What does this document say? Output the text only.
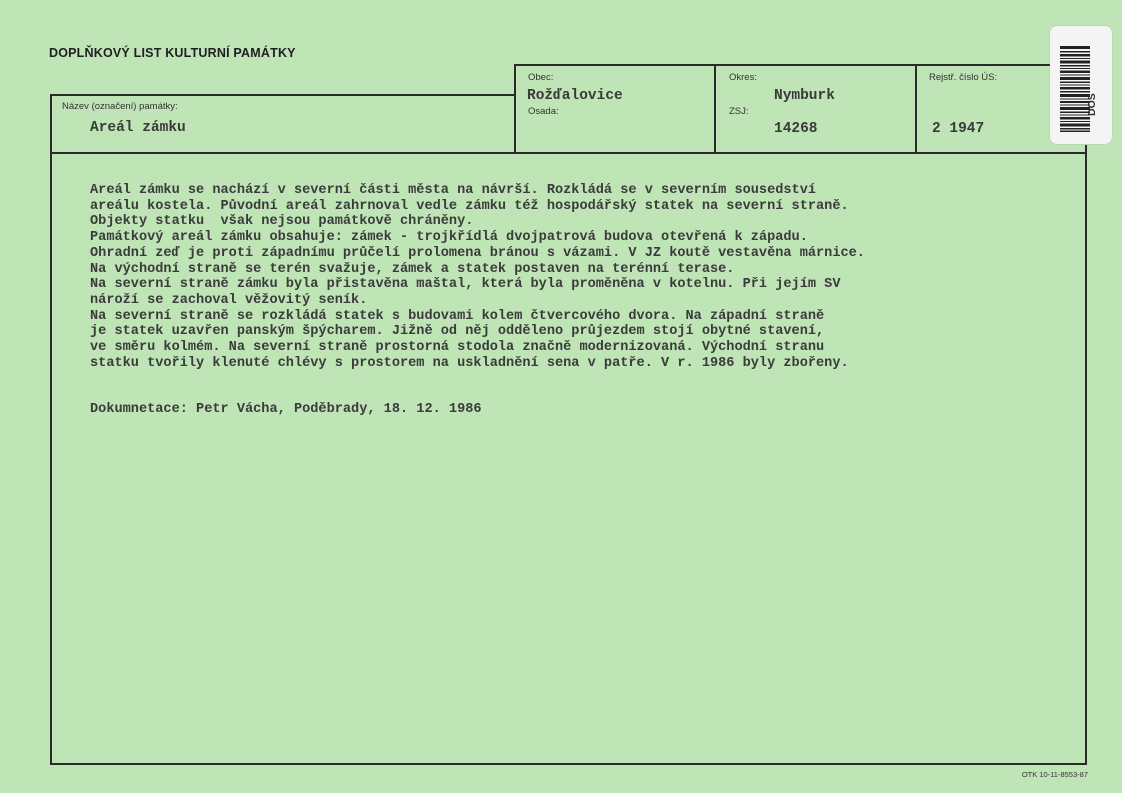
DOPLŇKOVÝ LIST KULTURNÍ PAMÁTKY
Název (označení) památky:
Areál zámku
Obec:
Rožďalovice
Osada:
Okres:
Nymburk
ZSJ:
14268
Rejstř. číslo ÚS:
2 1947
Areál zámku se nachází v severní části města na návrší. Rozkládá se v severním sousedství
areálu kostela. Původní areál zahrnoval vedle zámku též hospodářský statek na severní straně.
Objekty statku  však nejsou památkově chráněny.
Památkový areál zámku obsahuje: zámek - trojkřídlá dvojpatrová budova otevřená k západu.
Ohradní zeď je proti západnímu průčelí prolomena bránou s vázami. V JZ koutě vestavěna márnice.
Na východní straně se terén svažuje, zámek a statek postaven na terénní terase.
Na severní straně zámku byla přistavěna maštal, která byla proměněna v kotelnu. Při jejím SV
nároží se zachoval věžovitý seník.
Na severní straně se rozkládá statek s budovami kolem čtvercového dvora. Na západní straně
je statek uzavřen panským špýcharem. Jižně od něj odděleno průjezdem stojí obytné stavení,
ve směru kolmém. Na severní straně prostorná stodola značně modernizovaná. Východní stranu
statku tvořily klenuté chlévy s prostorem na uskladnění sena v patře. V r. 1986 byly zbořeny.
Dokumnetace: Petr Vácha, Poděbrady, 18. 12. 1986
DOS
OTK 10-11-8553-87
